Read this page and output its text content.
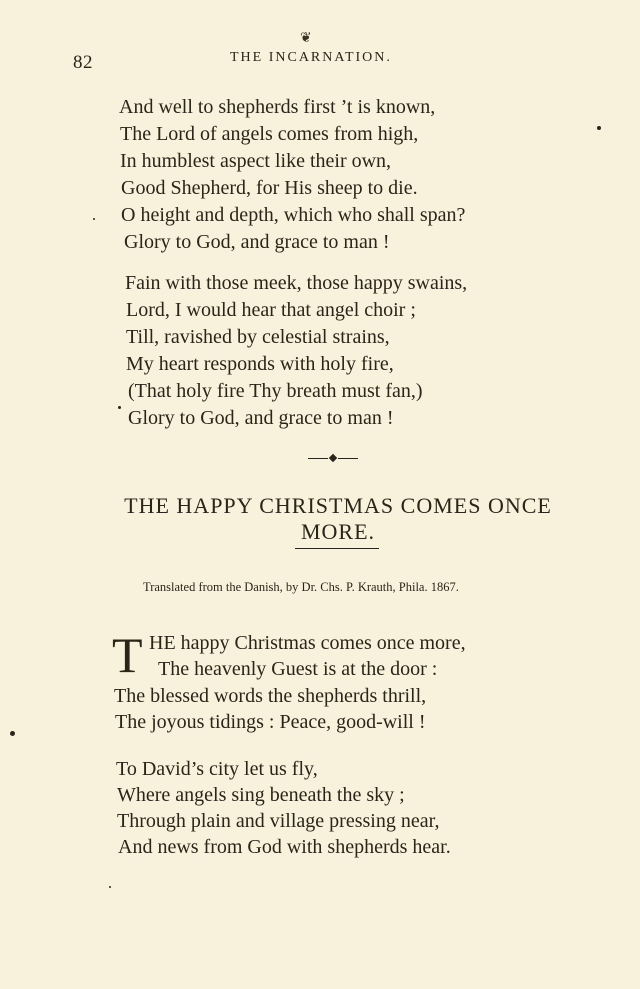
❦
82	THE INCARNATION.
And well to shepherds first ’t is known,
The Lord of angels comes from high,
In humblest aspect like their own,
Good Shepherd, for His sheep to die.
O height and depth, which who shall span?
Glory to God, and grace to man !
Fain with those meek, those happy swains,
Lord, I would hear that angel choir ;
Till, ravished by celestial strains,
My heart responds with holy fire,
(That holy fire Thy breath must fan,)
Glory to God, and grace to man !
THE HAPPY CHRISTMAS COMES ONCE
MORE.
Translated from the Danish, by Dr. Chs. P. Krauth, Phila. 1867.
T HE happy Christmas comes once more,
The heavenly Guest is at the door :
The blessed words the shepherds thrill,
The joyous tidings : Peace, good-will !
To David’s city let us fly,
Where angels sing beneath the sky ;
Through plain and village pressing near,
And news from God with shepherds hear.
